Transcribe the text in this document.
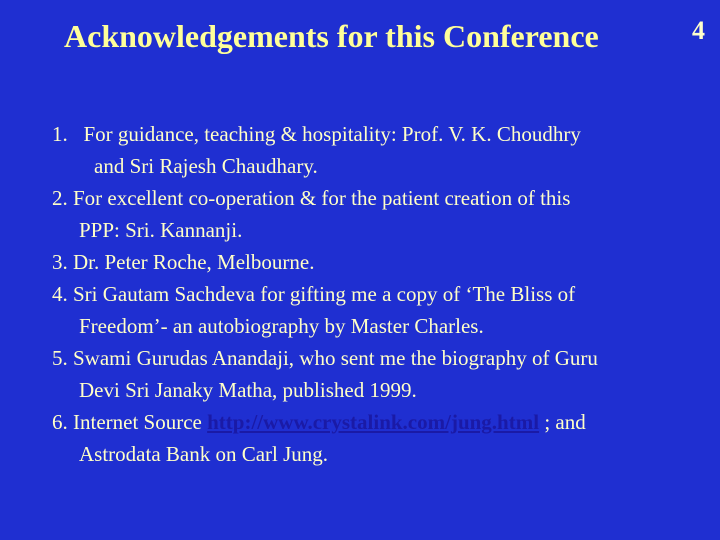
Acknowledgements for this Conference	4
1. For guidance, teaching & hospitality: Prof. V. K. Choudhry
and Sri Rajesh Chaudhary.
2. For excellent co-operation & for the patient creation of this
PPP: Sri. Kannanji.
3. Dr. Peter Roche, Melbourne.
4. Sri Gautam Sachdeva for gifting me a copy of ‘The Bliss of
Freedom’- an autobiography by Master Charles.
5. Swami Gurudas Anandaji, who sent me the biography of Guru
Devi Sri Janaky Matha, published 1999.
6. Internet Source http://www.crystalink.com/jung.html ; and
Astrodata Bank on Carl Jung.
